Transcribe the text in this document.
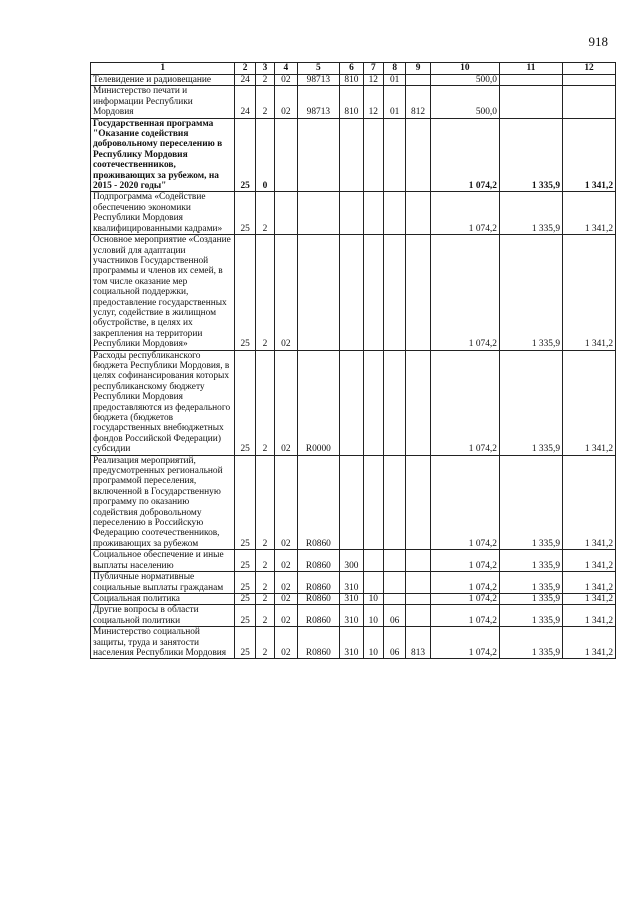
918
1	2	3	4	5	6	7	8	9	10	11	12
Телевидение и радиовещание	24	2	02	98713	810	12	01		500,0		
Министерство печати и информации Республики Мордовия	24	2	02	98713	810	12	01	812	500,0		
Государственная программа "Оказание содействия добровольному переселению в Республику Мордовия соотечественников, проживающих за рубежом, на 2015 - 2020 годы"	25	0							1 074,2	1 335,9	1 341,2
Подпрограмма «Содействие обеспечению экономики Республики Мордовия квалифицированными кадрами»	25	2							1 074,2	1 335,9	1 341,2
Основное мероприятие «Создание условий для адаптации участников Государственной программы и членов их семей, в том числе оказание мер социальной поддержки, предоставление государственных услуг, содействие в жилищном обустройстве, в целях их закрепления на территории Республики Мордовия»	25	2	02						1 074,2	1 335,9	1 341,2
Расходы республиканского бюджета Республики Мордовия, в целях софинансирования которых республиканскому бюджету Республики Мордовия предоставляются из федерального бюджета (бюджетов государственных внебюджетных фондов Российской Федерации) субсидии	25	2	02	R0000					1 074,2	1 335,9	1 341,2
Реализация мероприятий, предусмотренных региональной программой переселения, включенной в Государственную программу по оказанию содействия добровольному переселению в Российскую Федерацию соотечественников, проживающих за рубежом	25	2	02	R0860					1 074,2	1 335,9	1 341,2
Социальное обеспечение и иные выплаты населению	25	2	02	R0860	300				1 074,2	1 335,9	1 341,2
Публичные нормативные социальные выплаты гражданам	25	2	02	R0860	310				1 074,2	1 335,9	1 341,2
Социальная политика	25	2	02	R0860	310	10			1 074,2	1 335,9	1 341,2
Другие вопросы в области социальной политики	25	2	02	R0860	310	10	06		1 074,2	1 335,9	1 341,2
Министерство социальной защиты, труда и занятости населения Республики Мордовия	25	2	02	R0860	310	10	06	813	1 074,2	1 335,9	1 341,2
